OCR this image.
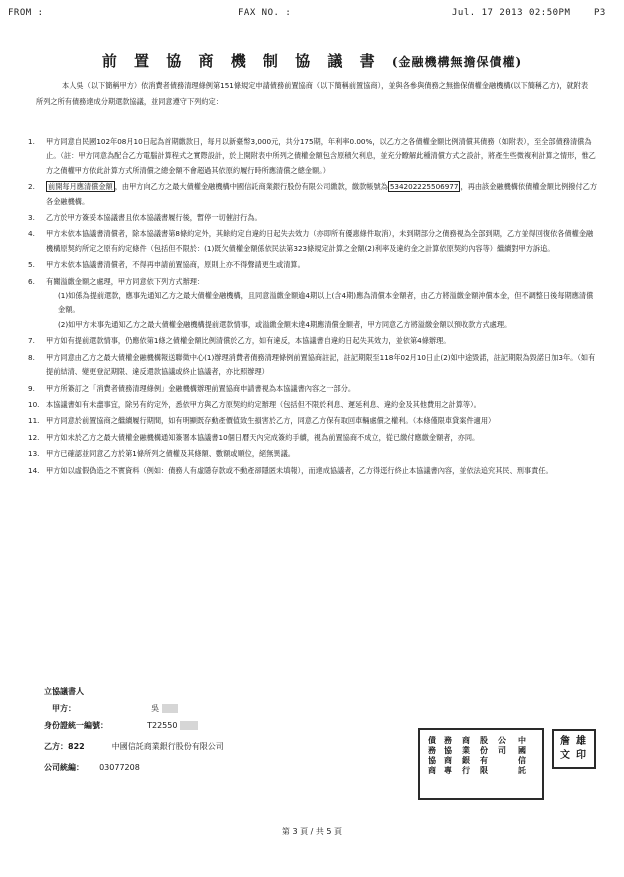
FROM :	FAX NO. :	Jul. 17 2013 02:50PM	P3
前 置 協 商 機 制 協 議 書 (金融機構無擔保債權)
本人吳（以下簡稱甲方）依消費者債務清理條例第151條規定申請債務前置協商（以下簡稱前置協商），並與各參與債務之無擔保債權金融機構(以下簡稱乙方)，就附表所列之所有債務達成分期還款協議，並同意遵守下列約定：
1. 甲方同意自民國102年08月10日起為首期繳款日，每月以新臺幣3,000元，共分175期，年利率0.00%，以乙方之各債權金額比例清償其債務（如附表），至全部債務清償為止。（註：甲方同意為配合乙方電腦計算程式之實際設計，於上開附表中所列之債權金額包含原積欠利息，並充分瞭解此種清償方式之設計，將產生些微複利計算之情形，惟乙方之債權甲方依此計算方式所清償之總金額不會超過其依原約履行時所應清償之總金額。）
2. 前開每月應清償金額 ，由甲方向乙方之最大債權金融機構中國信託商業銀行股份有限公司繳款，繳款帳號為 534202225506977 ，再由該金融機構依債權金額比例撥付乙方各金融機構。
3. 乙方於甲方簽妥本協議書且依本協議書履行後，暫停一切催討行為。
4. 甲方未依本協議書清償者，除本協議書第8條約定外，其餘約定自違約日起失去效力（亦即所有優惠條件取消），未到期部分之債務視為全部到期，乙方並得回復依各債權金融機構原契約所定之原有約定條件（包括但不限於：(1)既欠債權金額係依民法第323條規定計算之金額(2)利率及違約金之計算依原契約內容等）繼續對甲方訴追。
5. 甲方未依本協議書清償者，不得再申請前置協商，原則上亦不得聲請更生或清算。
6. 有關溢繳金額之處理，甲方同意依下列方式辦理：
(1)如係為提前還款，應事先通知乙方之最大債權金融機構，且同意溢繳金額逾4期以上(含4期)應為清償本金額者，由乙方將溢繳金額沖償本金，但不調整日後每期應清償金額。
(2)如甲方未事先通知乙方之最大債權金融機構提前還款情事，或溢繳金額未達4期應清償金額者，甲方同意乙方將溢繳金額以預收款方式處理。
7. 甲方如有提前還款情事，仍應依第1條之債權金額比例清償於乙方，如有違反，本協議書自違約日起失其效力，並依第4條辦理。
8. 甲方同意由乙方之最大債權金融機構報送聯徵中心(1)辦理消費者債務清理條例前置協商註記，註記期限至118年02月10日止(2)如中途毀諾，註記期限為毀諾日加3年。（如有提前結清、變更登記期限、違反還款協議或終止協議者，亦比照辦理）
9. 甲方所簽訂之「消費者債務清理條例」金融機構辦理前置協商申請書視為本協議書內容之一部分。
10. 本協議書如有未盡事宜，除另有約定外，悉依甲方與乙方原契約約定辦理（包括但不限於利息、遲延利息、違約金及其他費用之計算等）。
11. 甲方同意於前置協商之繼續履行期間，如有明顯既存動產價值致生損害於乙方，同意乙方保有取回車輛處償之權利。（本條僅限車貸案件適用）
12. 甲方如未於乙方之最大債權金融機構通知簽署本協議書10個日曆天內完成簽約手續，視為前置協商不成立，從已繳付應繳金額者，亦同。
13. 甲方已確認並同意乙方於第1條所列之債權及其條額、數額或順位，絕無異議。
14. 甲方如以虛假偽造之不實資料（例如：債務人有虛隱存款或不動產卻隱匿未填報），而達成協議者，乙方得逕行終止本協議書內容，並依法追究其民、刑事責任。
立協議書人
甲方：	吳
身份證統一編號：	T22550
乙方：822	中國信託商業銀行股份有限公司
公司統編： 03077208
債務協商
務協商專
商業銀行
股份有限
公司
中國信託
詹文
雄印
第 3 頁 / 共 5 頁
